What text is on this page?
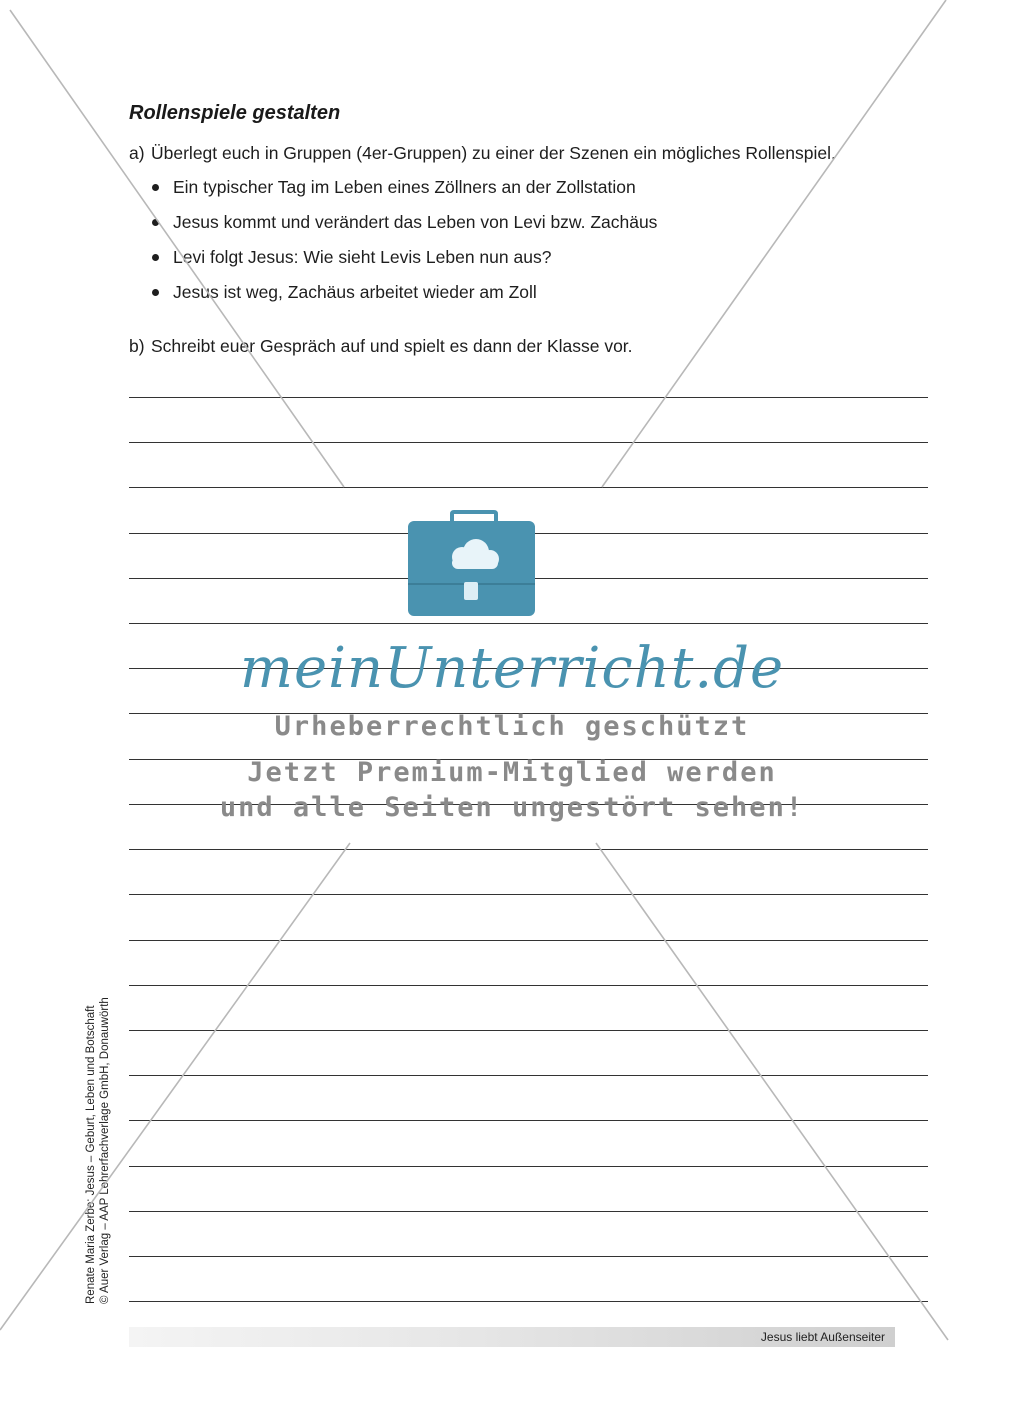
Rollenspiele gestalten
a) Überlegt euch in Gruppen (4er-Gruppen) zu einer der Szenen ein mögliches Rollenspiel.
Ein typischer Tag im Leben eines Zöllners an der Zollstation
Jesus kommt und verändert das Leben von Levi bzw. Zachäus
Levi folgt Jesus: Wie sieht Levis Leben nun aus?
Jesus ist weg, Zachäus arbeitet wieder am Zoll
b) Schreibt euer Gespräch auf und spielt es dann der Klasse vor.
Renate Maria Zerbe: Jesus – Geburt, Leben und Botschaft © Auer Verlag – AAP Lehrerfachverlage GmbH, Donauwörth
Jesus liebt Außenseiter
meinUnterricht.de
Urheberrechtlich geschützt
Jetzt Premium-Mitglied werden
und alle Seiten ungestört sehen!
